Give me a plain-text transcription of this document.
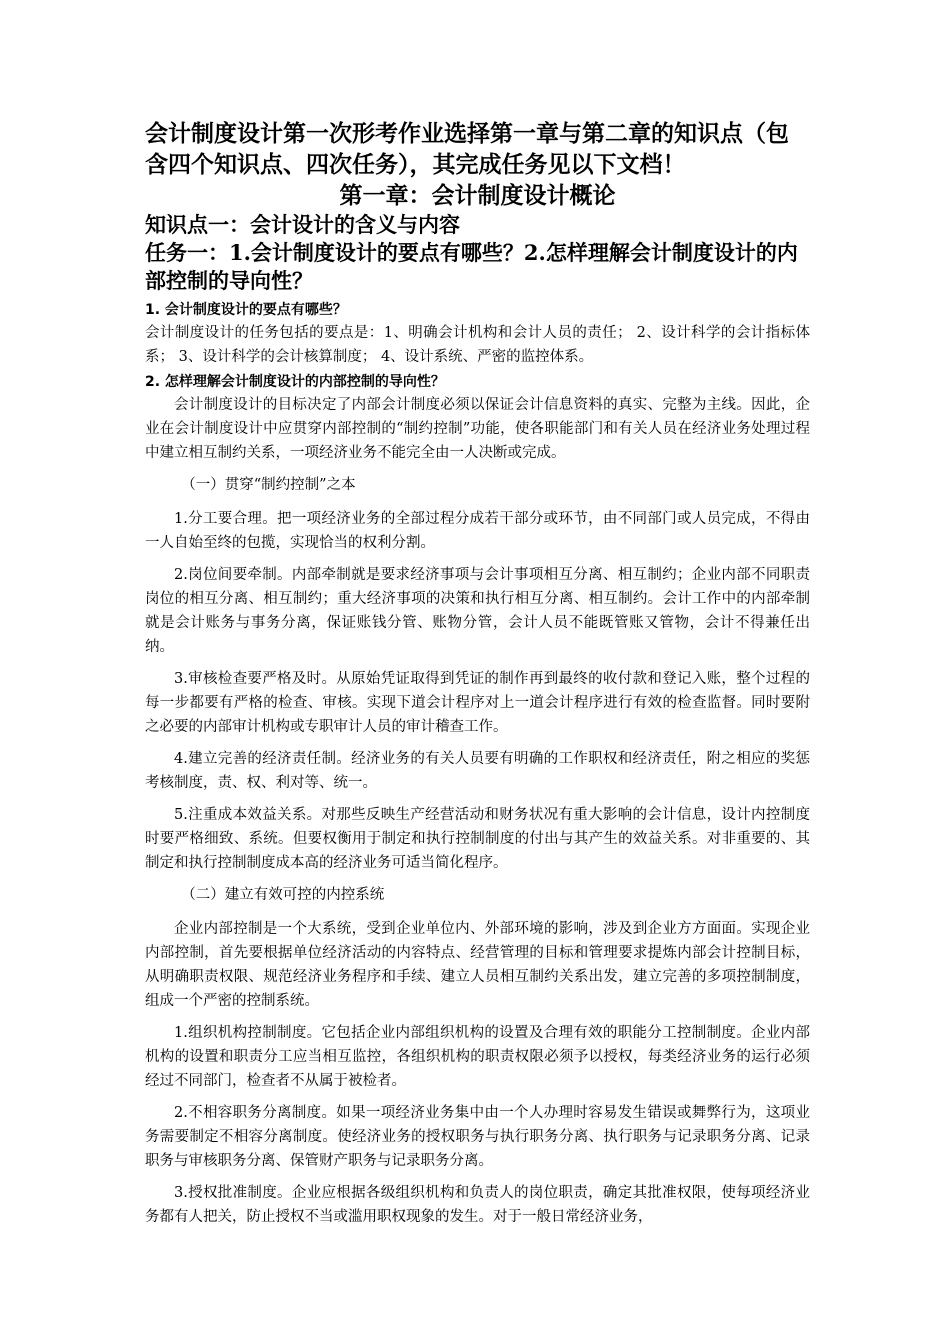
会计制度设计第一次形考作业选择第一章与第二章的知识点（包含四个知识点、四次任务），其完成任务见以下文档！

第一章：会计制度设计概论

知识点一：会计设计的含义与内容

任务一：1.会计制度设计的要点有哪些？2.怎样理解会计制度设计的内部控制的导向性？

1. 会计制度设计的要点有哪些？

会计制度设计的任务包括的要点是：1、明确会计机构和会计人员的责任； 2、设计科学的会计指标体系； 3、设计科学的会计核算制度； 4、设计系统、严密的监控体系。

2. 怎样理解会计制度设计的内部控制的导向性？

会计制度设计的目标决定了内部会计制度必须以保证会计信息资料的真实、完整为主线。因此，企业在会计制度设计中应贯穿内部控制的“制约控制”功能，使各职能部门和有关人员在经济业务处理过程中建立相互制约关系，一项经济业务不能完全由一人决断或完成。

（一）贯穿“制约控制”之本

1.分工要合理。把一项经济业务的全部过程分成若干部分或环节，由不同部门或人员完成，不得由一人自始至终的包揽，实现恰当的权利分割。

2.岗位间要牵制。内部牵制就是要求经济事项与会计事项相互分离、相互制约；企业内部不同职责岗位的相互分离、相互制约；重大经济事项的决策和执行相互分离、相互制约。会计工作中的内部牵制就是会计账务与事务分离，保证账钱分管、账物分管，会计人员不能既管账又管物，会计不得兼任出纳。

3.审核检查要严格及时。从原始凭证取得到凭证的制作再到最终的收付款和登记入账，整个过程的每一步都要有严格的检查、审核。实现下道会计程序对上一道会计程序进行有效的检查监督。同时要附之必要的内部审计机构或专职审计人员的审计稽查工作。

4.建立完善的经济责任制。经济业务的有关人员要有明确的工作职权和经济责任，附之相应的奖惩考核制度，责、权、利对等、统一。

5.注重成本效益关系。对那些反映生产经营活动和财务状况有重大影响的会计信息，设计内控制度时要严格细致、系统。但要权衡用于制定和执行控制制度的付出与其产生的效益关系。对非重要的、其制定和执行控制制度成本高的经济业务可适当简化程序。

（二）建立有效可控的内控系统

企业内部控制是一个大系统，受到企业单位内、外部环境的影响，涉及到企业方方面面。实现企业内部控制，首先要根据单位经济活动的内容特点、经营管理的目标和管理要求提炼内部会计控制目标，从明确职责权限、规范经济业务程序和手续、建立人员相互制约关系出发，建立完善的多项控制制度，组成一个严密的控制系统。

1.组织机构控制制度。它包括企业内部组织机构的设置及合理有效的职能分工控制制度。企业内部机构的设置和职责分工应当相互监控，各组织机构的职责权限必须予以授权，每类经济业务的运行必须经过不同部门，检查者不从属于被检者。

2.不相容职务分离制度。如果一项经济业务集中由一个人办理时容易发生错误或舞弊行为，这项业务需要制定不相容分离制度。使经济业务的授权职务与执行职务分离、执行职务与记录职务分离、记录职务与审核职务分离、保管财产职务与记录职务分离。

3.授权批准制度。企业应根据各级组织机构和负责人的岗位职责，确定其批准权限，使每项经济业务都有人把关，防止授权不当或滥用职权现象的发生。对于一般日常经济业务，
